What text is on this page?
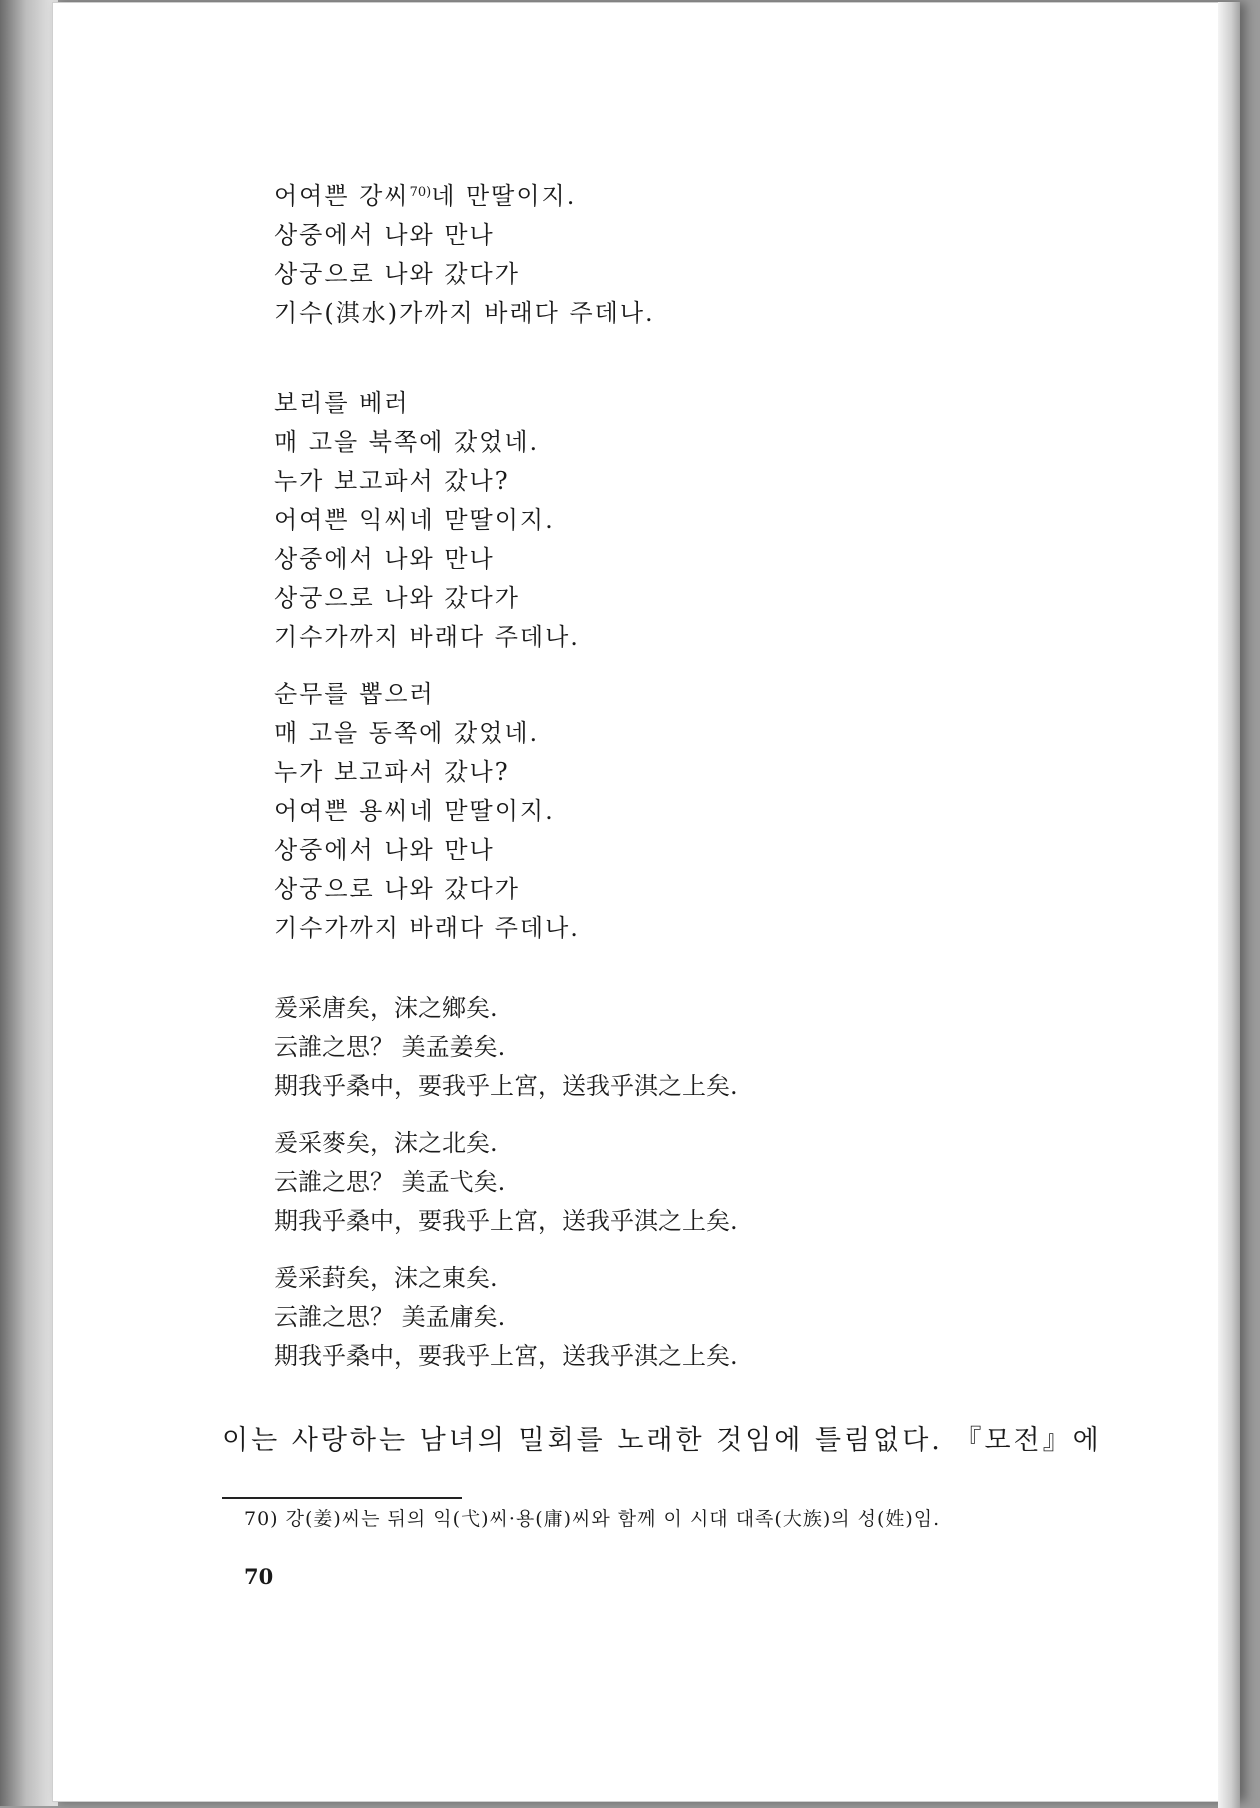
어여쁜 강씨$^{70)}$네 만딸이지.
상중에서 나와 만나
상궁으로 나와 갔다가
기수(淇水)가까지 바래다 주데나.
보리를 베러
매 고을 북쪽에 갔었네.
누가 보고파서 갔나?
어여쁜 익씨네 맏딸이지.
상중에서 나와 만나
상궁으로 나와 갔다가
기수가까지 바래다 주데나.
순무를 뽑으러
매 고을 동쪽에 갔었네.
누가 보고파서 갔나?
어여쁜 용씨네 맏딸이지.
상중에서 나와 만나
상궁으로 나와 갔다가
기수가까지 바래다 주데나.
爰采唐矣，沫之鄉矣.
云誰之思？ 美孟姜矣.
期我乎桑中，要我乎上宮，送我乎淇之上矣.
爰采麥矣，沫之北矣.
云誰之思？ 美孟弋矣.
期我乎桑中，要我乎上宮，送我乎淇之上矣.
爰采葑矣，沫之東矣.
云誰之思？ 美孟庸矣.
期我乎桑中，要我乎上宮，送我乎淇之上矣.
이는 사랑하는 남녀의 밀회를 노래한 것임에 틀림없다. 『모전』에
70) 강(姜)씨는 뒤의 익(弋)씨·용(庸)씨와 함께 이 시대 대족(大族)의 성(姓)임.
70
